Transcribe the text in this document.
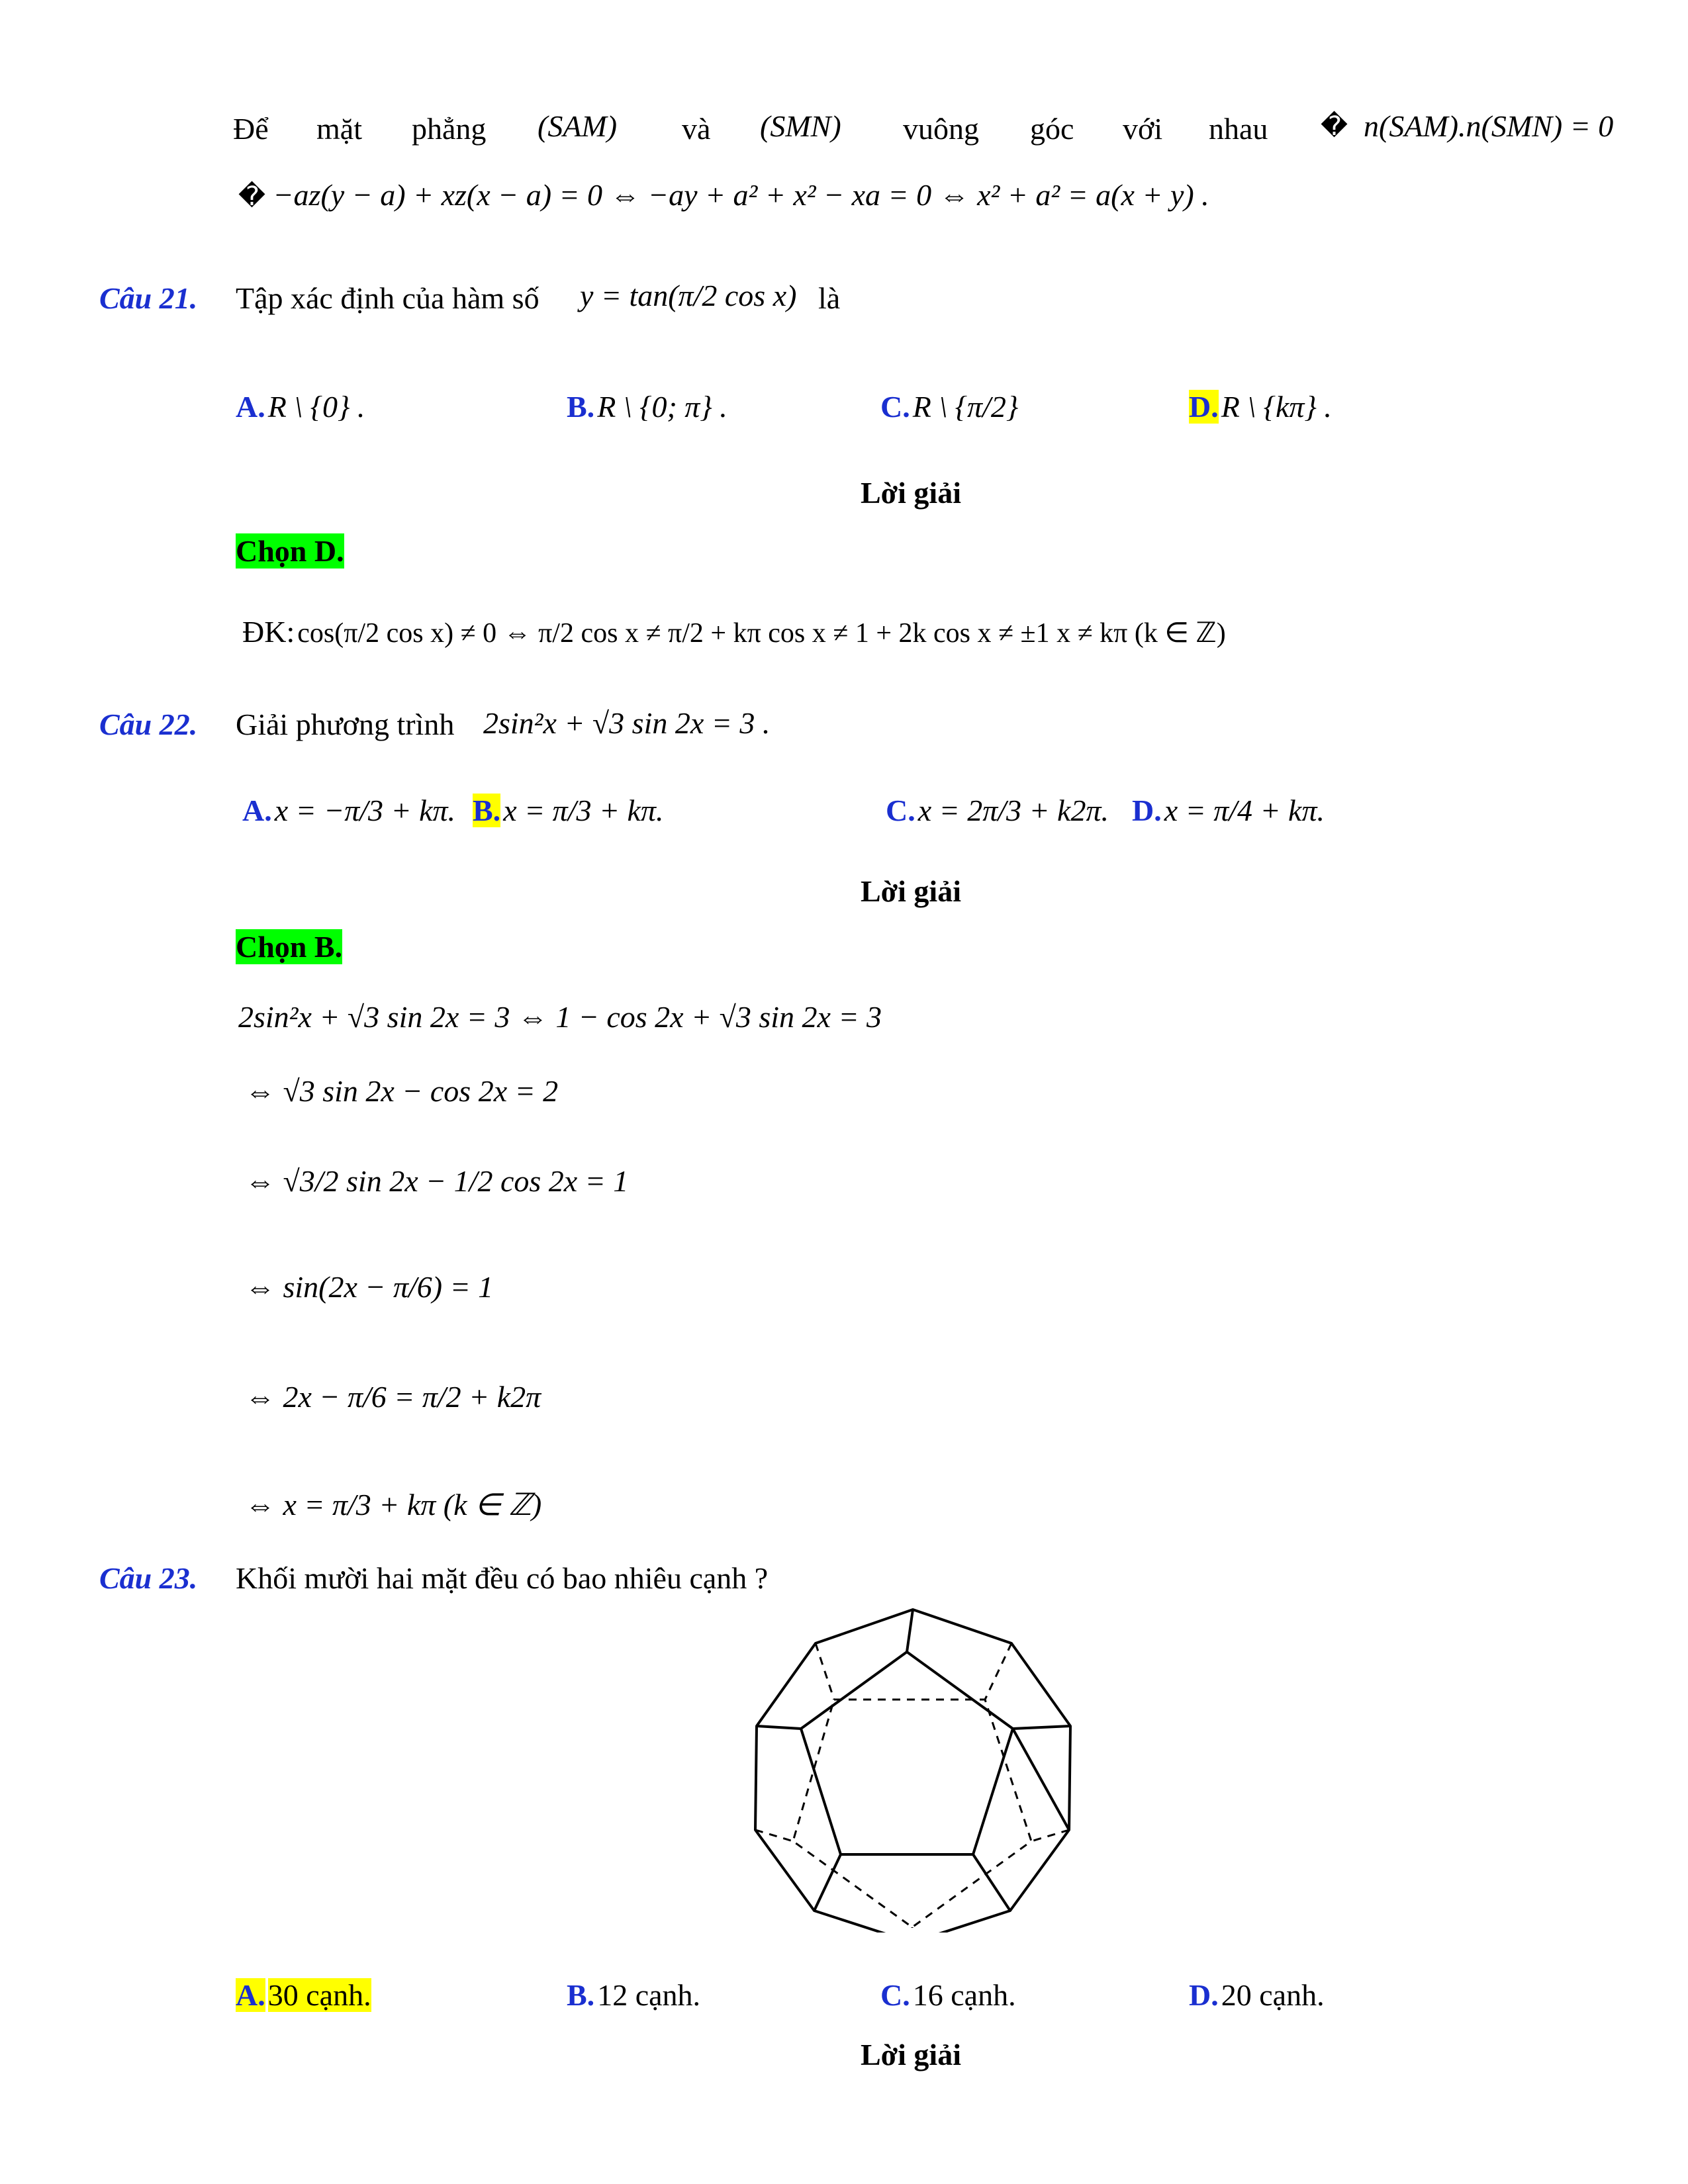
Để mặt phẳng (SAM) và (SMN) vuông góc với nhau � n(SAM).n(SMN) = 0
� −az(y − a) + xz(x − a) = 0 ⇔ −ay + a² + x² − xa = 0 ⇔ x² + a² = a(x + y) .
Câu 21. Tập xác định của hàm số y = tan(π/2 cos x) là
A. R \ {0} .	B. R \ {0; π} .	C. R \ {π/2}	D. R \ {kπ} .
Lời giải
Chọn D.
ĐK: cos(π/2 cos x) ≠ 0 ⇔ π/2 cos x ≠ π/2 + kπ cos x ≠ 1 + 2k cos x ≠ ±1 x ≠ kπ (k ∈ ℤ)
Câu 22. Giải phương trình 2sin²x + √3 sin 2x = 3 .
A. x = −π/3 + kπ. B. x = π/3 + kπ.	C. x = 2π/3 + k2π. D. x = π/4 + kπ.
Lời giải
Chọn B.
2sin²x + √3 sin 2x = 3 ⇔ 1 − cos 2x + √3 sin 2x = 3
⇔ √3 sin 2x − cos 2x = 2
⇔ √3/2 sin 2x − 1/2 cos 2x = 1
⇔ sin(2x − π/6) = 1
⇔ 2x − π/6 = π/2 + k2π
⇔ x = π/3 + kπ (k ∈ ℤ)
Câu 23. Khối mười hai mặt đều có bao nhiêu cạnh ?
A. 30 cạnh.	B. 12 cạnh.	C. 16 cạnh.	D. 20 cạnh.
Lời giải
